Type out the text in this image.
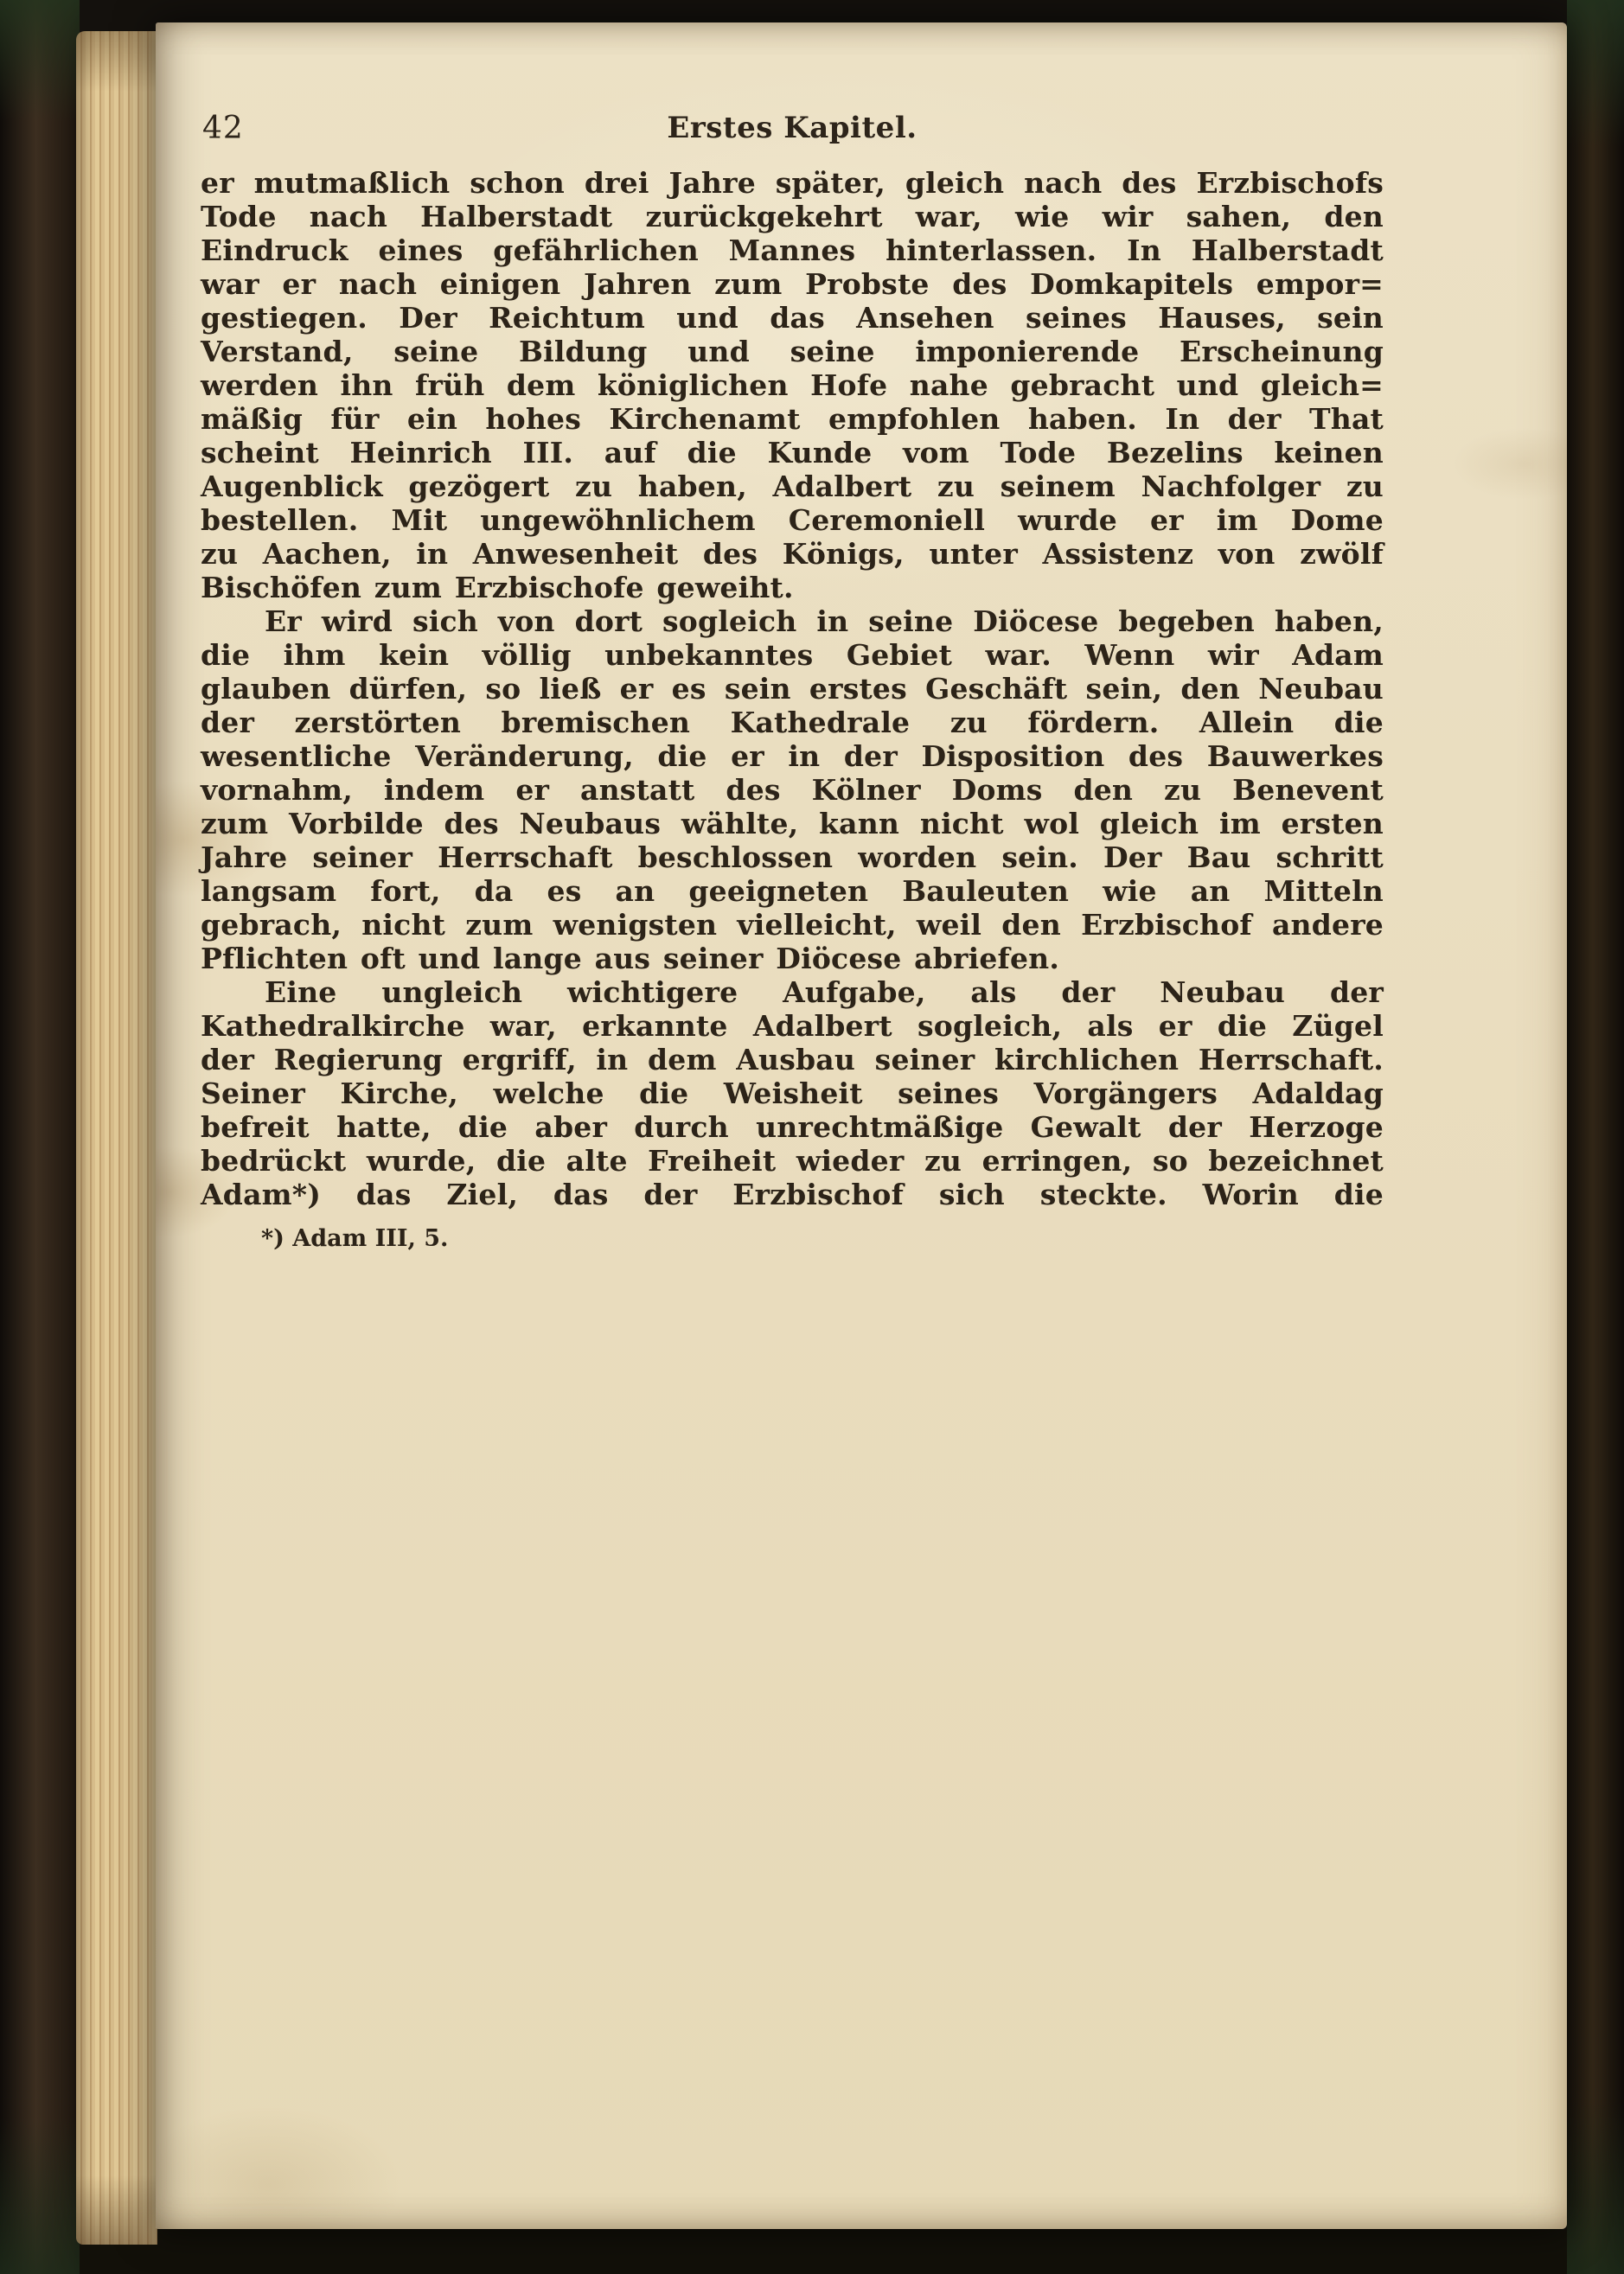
42	Erstes Kapitel.
er mutmaßlich schon drei Jahre später, gleich nach des Erzbischofs
Tode nach Halberstadt zurückgekehrt war, wie wir sahen, den
Eindruck eines gefährlichen Mannes hinterlassen. In Halberstadt
war er nach einigen Jahren zum Probste des Domkapitels empor=
gestiegen. Der Reichtum und das Ansehen seines Hauses, sein
Verstand, seine Bildung und seine imponierende Erscheinung
werden ihn früh dem königlichen Hofe nahe gebracht und gleich=
mäßig für ein hohes Kirchenamt empfohlen haben. In der That
scheint Heinrich III. auf die Kunde vom Tode Bezelins keinen
Augenblick gezögert zu haben, Adalbert zu seinem Nachfolger zu
bestellen. Mit ungewöhnlichem Ceremoniell wurde er im Dome
zu Aachen, in Anwesenheit des Königs, unter Assistenz von zwölf
Bischöfen zum Erzbischofe geweiht.
Er wird sich von dort sogleich in seine Diöcese begeben haben,
die ihm kein völlig unbekanntes Gebiet war. Wenn wir Adam
glauben dürfen, so ließ er es sein erstes Geschäft sein, den Neubau
der zerstörten bremischen Kathedrale zu fördern. Allein die
wesentliche Veränderung, die er in der Disposition des Bauwerkes
vornahm, indem er anstatt des Kölner Doms den zu Benevent
zum Vorbilde des Neubaus wählte, kann nicht wol gleich im ersten
Jahre seiner Herrschaft beschlossen worden sein. Der Bau schritt
langsam fort, da es an geeigneten Bauleuten wie an Mitteln
gebrach, nicht zum wenigsten vielleicht, weil den Erzbischof andere
Pflichten oft und lange aus seiner Diöcese abriefen.
Eine ungleich wichtigere Aufgabe, als der Neubau der
Kathedralkirche war, erkannte Adalbert sogleich, als er die Zügel
der Regierung ergriff, in dem Ausbau seiner kirchlichen Herrschaft.
Seiner Kirche, welche die Weisheit seines Vorgängers Adaldag
befreit hatte, die aber durch unrechtmäßige Gewalt der Herzoge
bedrückt wurde, die alte Freiheit wieder zu erringen, so bezeichnet
Adam*) das Ziel, das der Erzbischof sich steckte. Worin die
*) Adam III, 5.
